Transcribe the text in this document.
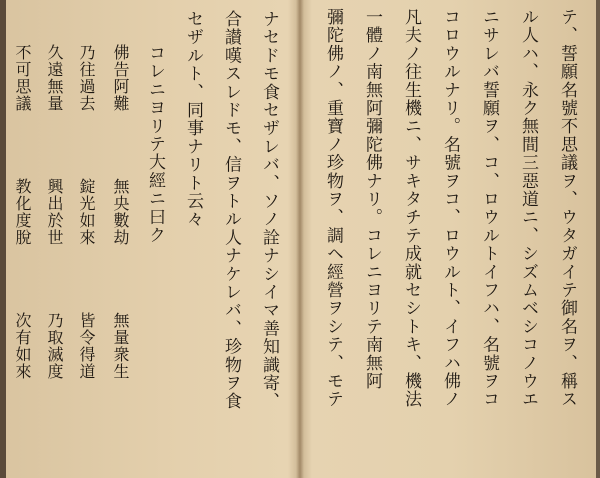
テ、誓願名號不思議ヲ、ウタガイテ御名ヲ、稱ス
ル人ハ、永ク無間三惡道ニ、シズムベシコノウエ
ニサレバ誓願ヲ、コ、ロウルトイフハ、名號ヲコ
コロウルナリ。名號ヲコ、ロウルト、イフハ佛ノ
凡夫ノ往生機ニ、サキタチテ成就セシトキ、機法
一體ノ南無阿彌陀佛ナリ。コレニヨリテ南無阿
彌陀佛ノ、重寶ノ珍物ヲ、調ヘ經營ヲシテ、モテ
ナセドモ食セザレバ、ソノ詮ナシイマ善知識寄、
合讃嘆スレドモ、信ヲトル人ナケレバ、珍物ヲ食
セザルト、同事ナリト云々
コレニヨリテ大經ニ曰ク
佛告阿難
乃往過去
久遠無量
不可思議
無央數劫
錠光如來
興出於世
教化度脫
無量衆生
皆令得道
乃取滅度
次有如來
